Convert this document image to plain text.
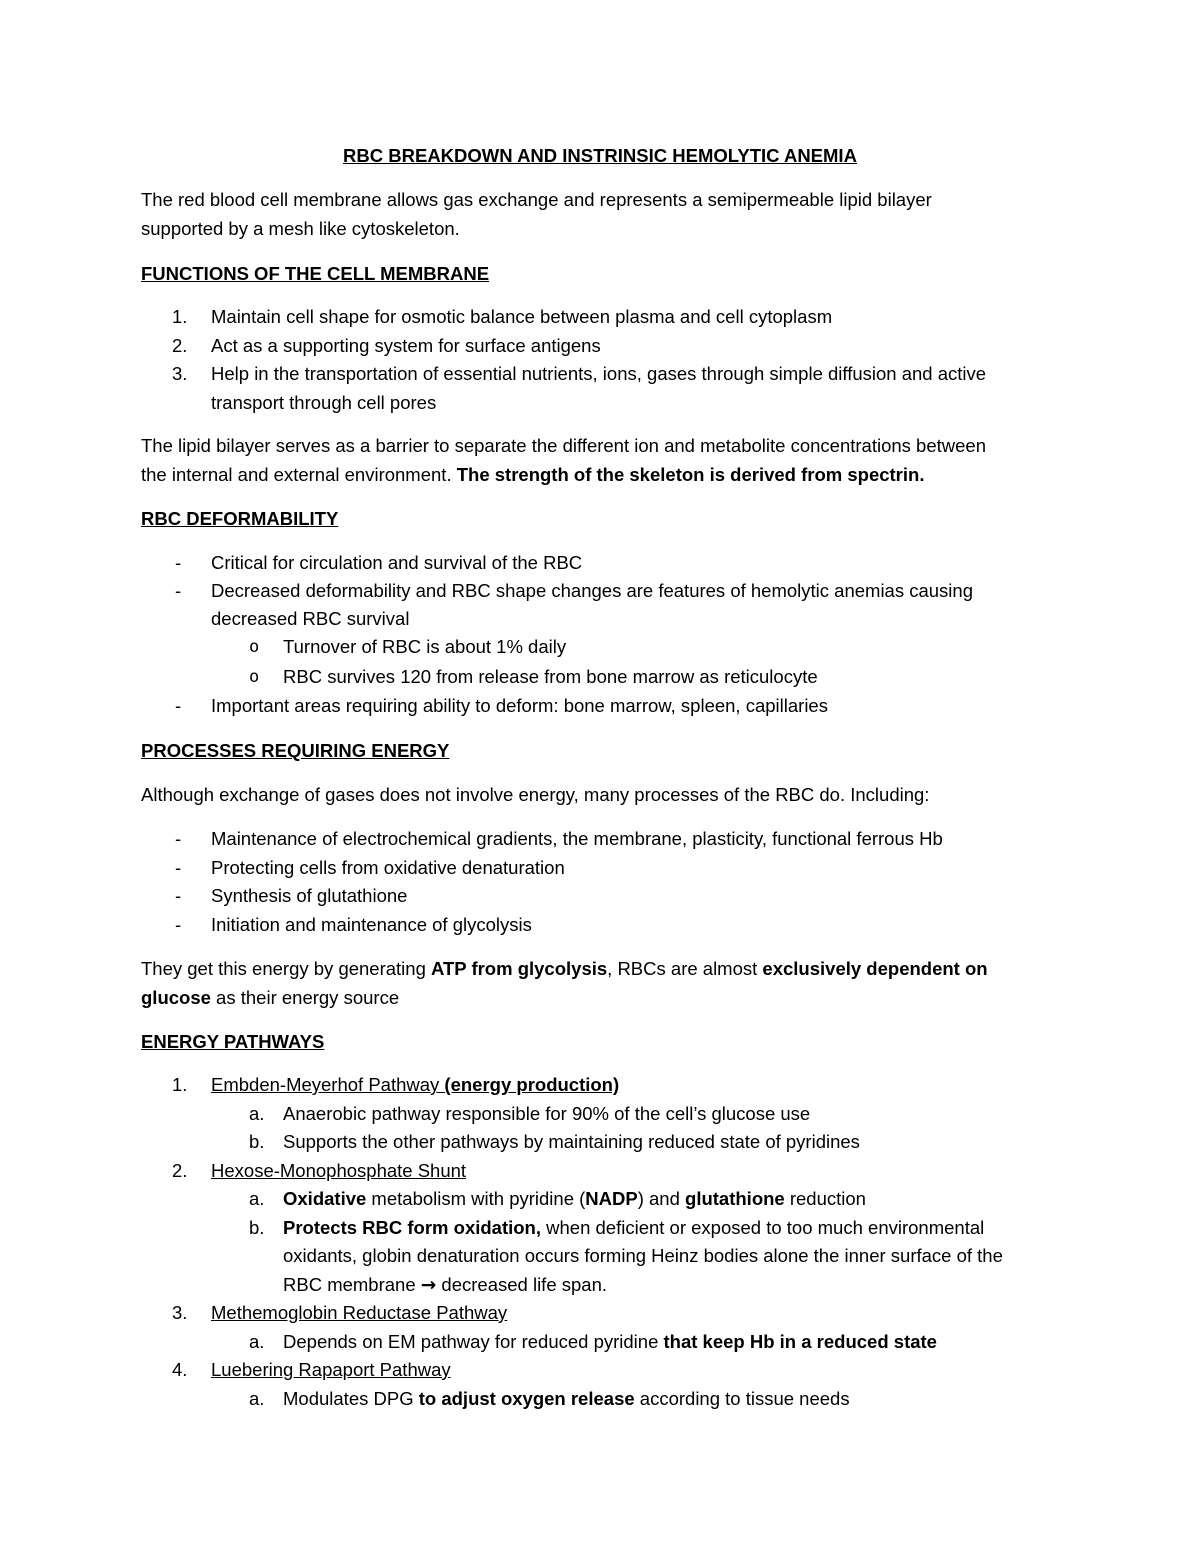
RBC BREAKDOWN AND INSTRINSIC HEMOLYTIC ANEMIA
The red blood cell membrane allows gas exchange and represents a semipermeable lipid bilayer
supported by a mesh like cytoskeleton.
FUNCTIONS OF THE CELL MEMBRANE
1. Maintain cell shape for osmotic balance between plasma and cell cytoplasm
2. Act as a supporting system for surface antigens
3. Help in the transportation of essential nutrients, ions, gases through simple diffusion and active
transport through cell pores
The lipid bilayer serves as a barrier to separate the different ion and metabolite concentrations between
the internal and external environment. The strength of the skeleton is derived from spectrin.
RBC DEFORMABILITY
- Critical for circulation and survival of the RBC
- Decreased deformability and RBC shape changes are features of hemolytic anemias causing
decreased RBC survival
o Turnover of RBC is about 1% daily
o RBC survives 120 from release from bone marrow as reticulocyte
- Important areas requiring ability to deform: bone marrow, spleen, capillaries
PROCESSES REQUIRING ENERGY
Although exchange of gases does not involve energy, many processes of the RBC do. Including:
- Maintenance of electrochemical gradients, the membrane, plasticity, functional ferrous Hb
- Protecting cells from oxidative denaturation
- Synthesis of glutathione
- Initiation and maintenance of glycolysis
They get this energy by generating ATP from glycolysis, RBCs are almost exclusively dependent on
glucose as their energy source
ENERGY PATHWAYS
1. Embden-Meyerhof Pathway (energy production)
a. Anaerobic pathway responsible for 90% of the cell’s glucose use
b. Supports the other pathways by maintaining reduced state of pyridines
2. Hexose-Monophosphate Shunt
a. Oxidative metabolism with pyridine (NADP) and glutathione reduction
b. Protects RBC form oxidation, when deficient or exposed to too much environmental
oxidants, globin denaturation occurs forming Heinz bodies alone the inner surface of the
RBC membrane → decreased life span.
3. Methemoglobin Reductase Pathway
a. Depends on EM pathway for reduced pyridine that keep Hb in a reduced state
4. Luebering Rapaport Pathway
a. Modulates DPG to adjust oxygen release according to tissue needs
